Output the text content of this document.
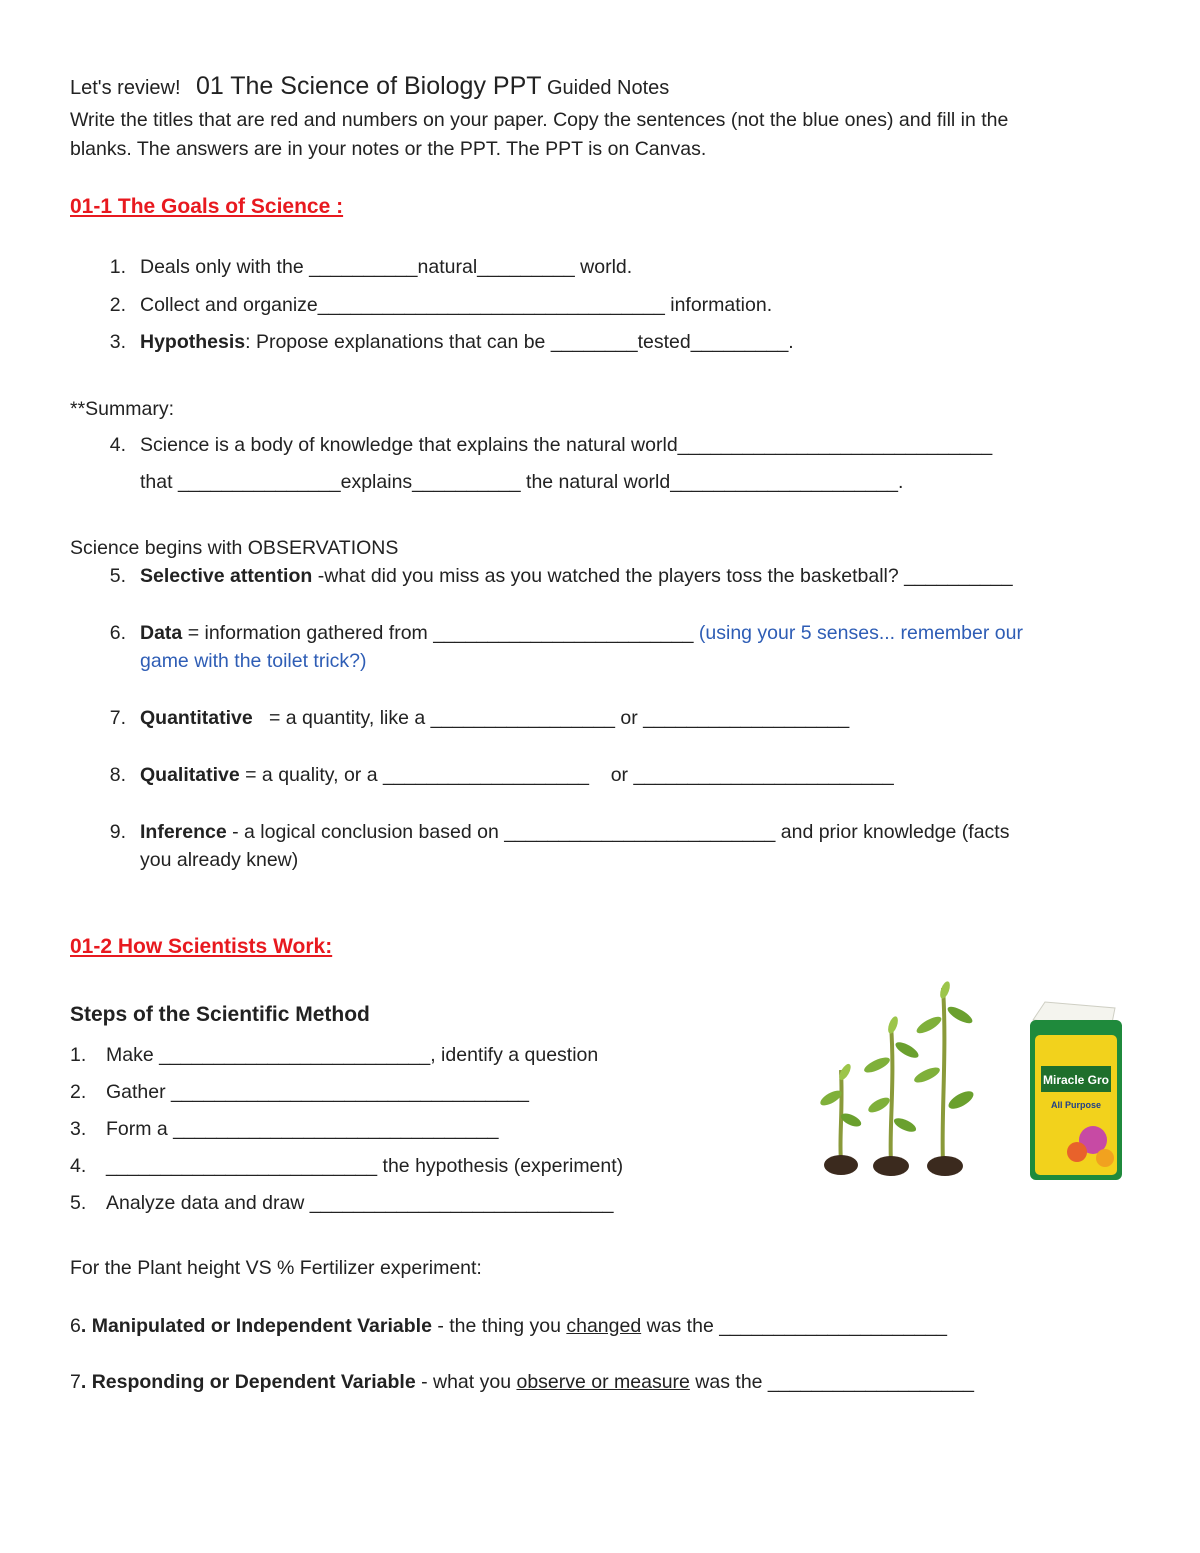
Let's review! 01 The Science of Biology PPT Guided Notes
Write the titles that are red and numbers on your paper. Copy the sentences (not the blue ones) and fill in the
blanks. The answers are in your notes or the PPT. The PPT is on Canvas.
01-1 The Goals of Science :
1. Deals only with the __________natural_________ world.
2. Collect and organize________________________________ information.
3. Hypothesis: Propose explanations that can be ________tested_________.
**Summary:
4. Science is a body of knowledge that explains the natural world_____________________________
that _______________explains__________ the natural world_____________________.
Science begins with OBSERVATIONS
5. Selective attention -what did you miss as you watched the players toss the basketball? __________
6. Data = information gathered from ________________________ (using your 5 senses... remember our
game with the toilet trick?)
7. Quantitative   = a quantity, like a _________________ or ___________________
8. Qualitative = a quality, or a ___________________    or ________________________
9. Inference - a logical conclusion based on _________________________ and prior knowledge (facts
you already knew)
01-2 How Scientists Work:
Steps of the Scientific Method
1. Make _________________________, identify a question
2. Gather _________________________________
3. Form a ______________________________
4. _________________________ the hypothesis (experiment)
5. Analyze data and draw ____________________________
For the Plant height VS % Fertilizer experiment:
6. Manipulated or Independent Variable - the thing you changed was the _____________________
7. Responding or Dependent Variable - what you observe or measure was the ___________________
Miracle Gro
All Purpose
